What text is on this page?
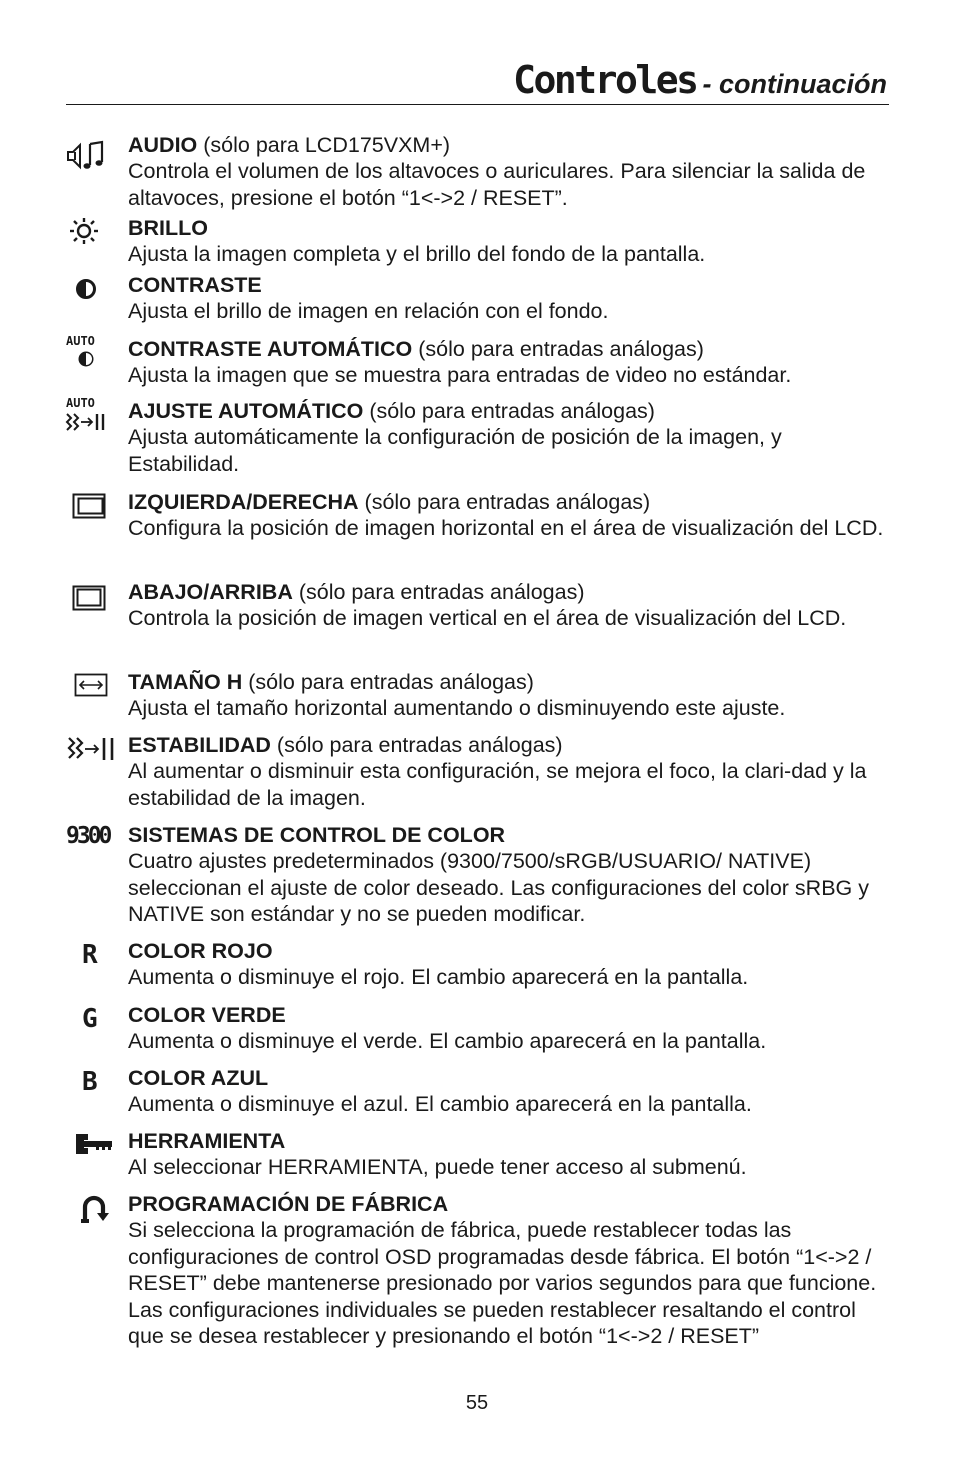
Controles - continuación
AUDIO (sólo para LCD175VXM+)
Controla el volumen de los altavoces o auriculares. Para silenciar la salida de altavoces, presione el botón “1<->2 / RESET”.
BRILLO
Ajusta la imagen completa y el brillo del fondo de la pantalla.
CONTRASTE
Ajusta el brillo de imagen en relación con el fondo.
AUTO CONTRASTE AUTOMÁTICO (sólo para entradas análogas)
Ajusta la imagen que se muestra para entradas de video no estándar.
AUTO AJUSTE AUTOMÁTICO (sólo para entradas análogas)
Ajusta automáticamente la configuración de posición de la imagen, y Estabilidad.
IZQUIERDA/DERECHA (sólo para entradas análogas)
Configura la posición de imagen horizontal en el área de visualización del LCD.
ABAJO/ARRIBA (sólo para entradas análogas)
Controla la posición de imagen vertical en el área de visualización del LCD.
TAMAÑO H (sólo para entradas análogas)
Ajusta el tamaño horizontal aumentando o disminuyendo este ajuste.
ESTABILIDAD (sólo para entradas análogas)
Al aumentar o disminuir esta configuración, se mejora el foco, la clari-dad y la estabilidad de la imagen.
9300 SISTEMAS DE CONTROL DE COLOR
Cuatro ajustes predeterminados (9300/7500/sRGB/USUARIO/ NATIVE) seleccionan el ajuste de color deseado. Las configuraciones del color sRBG y NATIVE son estándar y no se pueden modificar.
R COLOR ROJO
Aumenta o disminuye el rojo. El cambio aparecerá en la pantalla.
G COLOR VERDE
Aumenta o disminuye el verde. El cambio aparecerá en la pantalla.
B COLOR AZUL
Aumenta o disminuye el azul. El cambio aparecerá en la pantalla.
HERRAMIENTA
Al seleccionar HERRAMIENTA, puede tener acceso al submenú.
PROGRAMACIÓN DE FÁBRICA
Si selecciona la programación de fábrica, puede restablecer todas las configuraciones de control OSD programadas desde fábrica. El botón “1<->2 / RESET” debe mantenerse presionado por varios segundos para que funcione. Las configuraciones individuales se pueden restablecer resaltando el control que se desea restablecer y presionando el botón “1<->2 / RESET”
55
